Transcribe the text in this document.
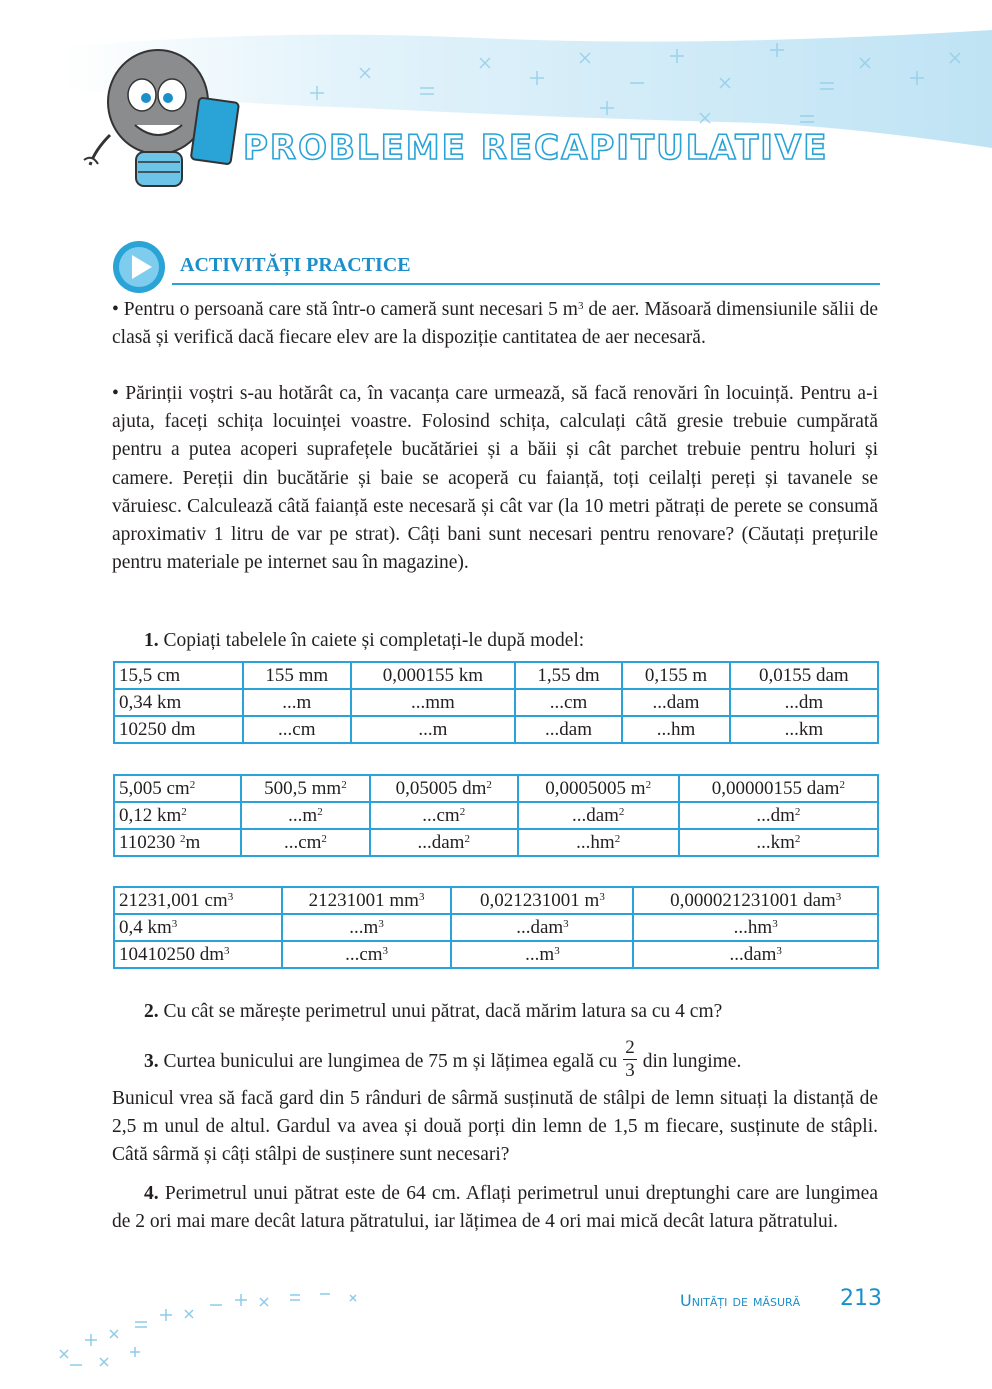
PROBLEME RECAPITULATIVE
ACTIVITĂȚI PRACTICE

• Pentru o persoană care stă într-o cameră sunt necesari 5 $m^3$ de aer. Măsoară dimensiunile sălii de clasă și verifică dacă fiecare elev are la dispoziție cantitatea de aer necesară.

• Părinții voștri s-au hotărât ca, în vacanța care urmează, să facă renovări în locuință. Pentru a-i ajuta, faceți schița locuinței voastre. Folosind schița, calculați câtă gresie trebuie cumpărată pentru a putea acoperi suprafețele bucătăriei și a băii și cât parchet trebuie pentru holuri și camere. Pereții din bucătărie și baie se acoperă cu faianță, toți ceilalți pereți și tavanele se văruiesc. Calculează câtă faianță este necesară și cât var (la 10 metri pătrați de perete se consumă aproximativ 1 litru de var pe strat). Câți bani sunt necesari pentru renovare? (Căutați prețurile pentru materiale pe internet sau în magazine).

1. Copiați tabelele în caiete și completați-le după model:

15,5 cm	155 mm	0,000155 km	1,55 dm	0,155 m	0,0155 dam
0,34 km	...m	...mm	...cm	...dam	...dm
10250 dm	...cm	...m	...dam	...hm	...km
5,005 $cm^2$	500,5 $mm^2$	0,05005 $dm^2$	0,0005005 $m^2$	0,00000155 dam$^2$
0,12 $km^2$	$...m^2$	$...cm^2$	...dam$^2$	$...dm^2$
110230 $^2$m	$...cm^2$	...dam$^2$	$...hm^2$	$...km^2$
21231,001 $cm^3$	21231001 $mm^3$	0,021231001 $m^3$	0,000021231001 dam$^3$
0,4 $km^3$	$...m^3$	...dam$^3$	$...hm^3$
10410250 $dm^3$	$...cm^3$	$...m^3$	...dam$^3$

2. Cu cât se mărește perimetrul unui pătrat, dacă mărim latura sa cu 4 cm?

3. Curtea bunicului are lungimea de 75 m și lățimea egală cu $\frac{2}{3}$ din lungime.
Bunicul vrea să facă gard din 5 rânduri de sârmă susținută de stâlpi de lemn situați la distanță de 2,5 m unul de altul. Gardul va avea și două porți din lemn de 1,5 m fiecare, susținute de stâpli. Câtă sârmă și câți stâlpi de susținere sunt necesari?

4. Perimetrul unui pătrat este de 64 cm. Aflați perimetrul unui dreptunghi care are lungimea de 2 ori mai mare decât latura pătratului, iar lățimea de 4 ori mai mică decât latura pătratului.

Unități de măsură 213
